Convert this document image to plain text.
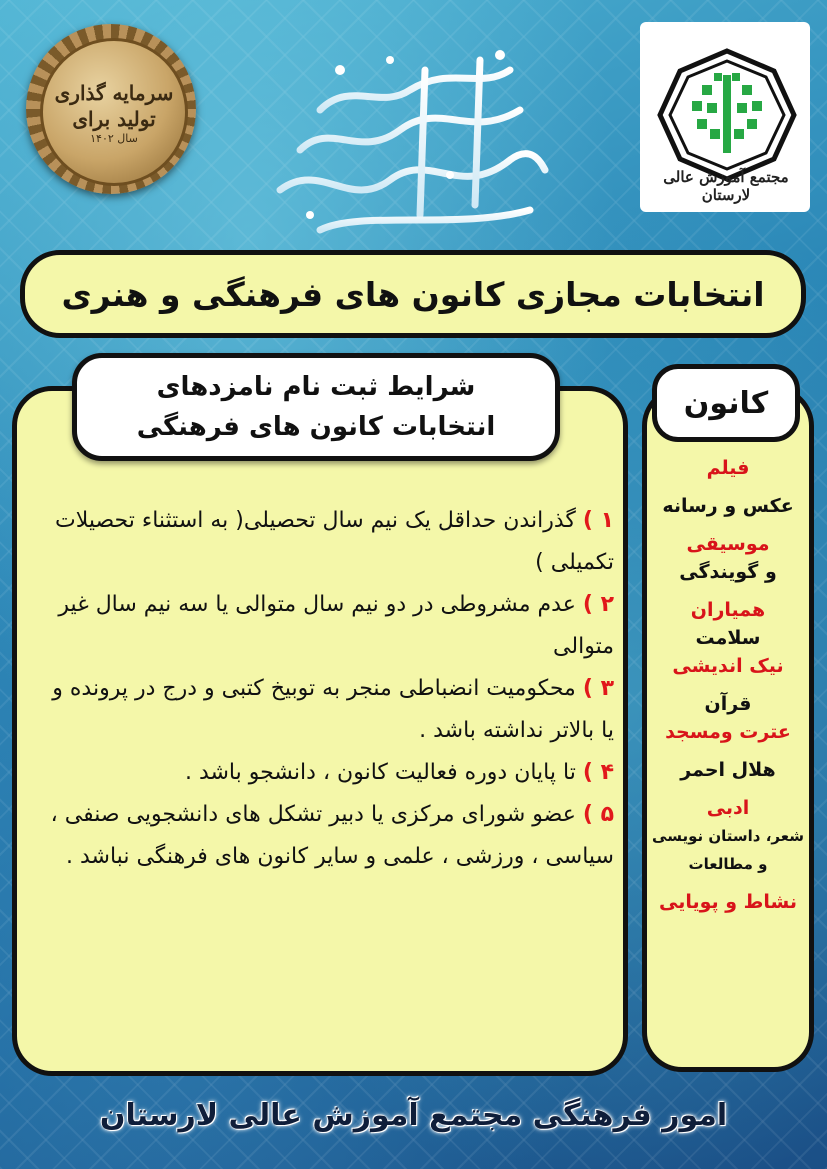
سرمایه گذاری
تولید برای
سال ۱۴۰۲
مجتمع آموزش عالی لارستان
انتخابات مجازی کانون های فرهنگی و هنری
شرایط ثبت نام نامزدهای
انتخابات کانون های فرهنگی

۱ ) گذراندن حداقل یک نیم سال تحصیلی( به استثناء تحصیلات تکمیلی )

۲ ) عدم مشروطی در دو نیم سال متوالی یا سه نیم سال غیر متوالی

۳ ) محکومیت انضباطی منجر به توبیخ کتبی و درج در پرونده و یا بالاتر نداشته باشد .

۴ ) تا پایان دوره فعالیت کانون ، دانشجو باشد .

۵ ) عضو شورای مرکزی یا دبیر تشکل های دانشجویی صنفی ، سیاسی ، ورزشی ، علمی و سایر کانون های فرهنگی نباشد .

کانون
فیلم
عکس و رسانه
موسیقی
و گویندگی
همیاران
سلامت
نیک اندیشی
قرآن
عترت ومسجد
هلال احمر
ادبی
شعر، داستان نویسی
و مطالعات
نشاط و پویایی
امور فرهنگی مجتمع آموزش عالی لارستان
